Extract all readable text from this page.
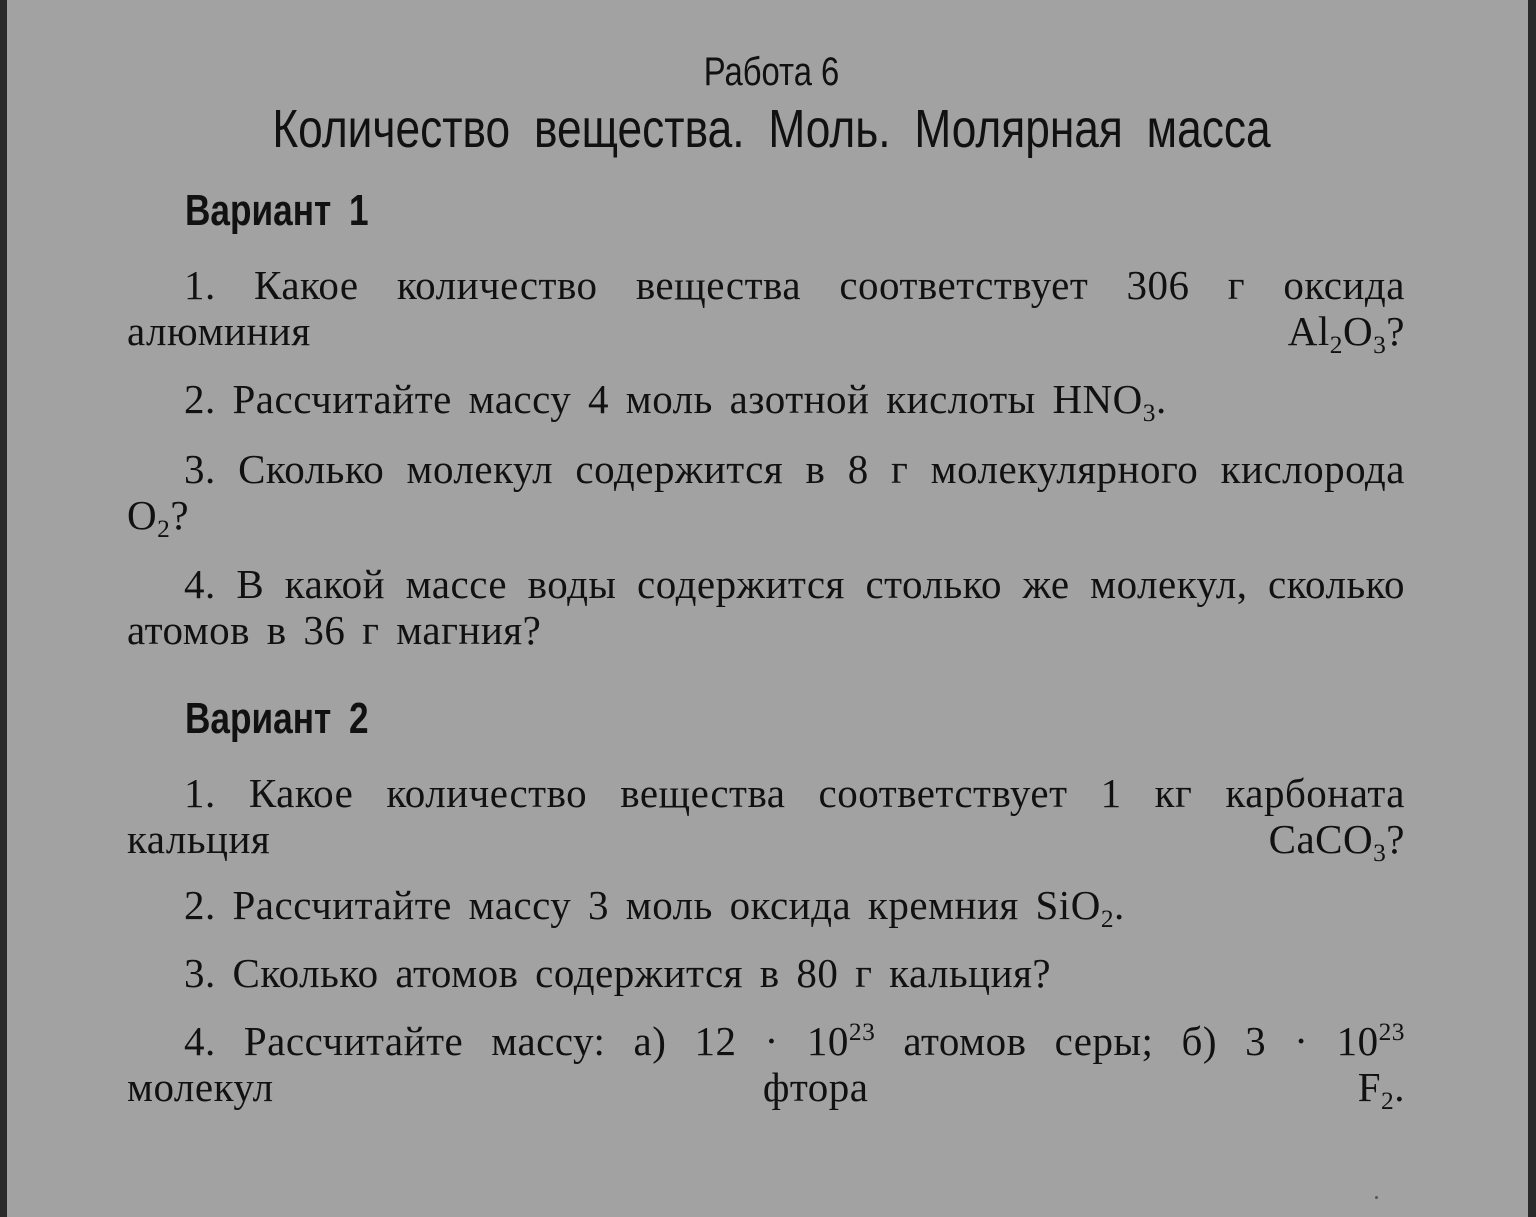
Работа 6
Количество вещества. Моль. Молярная масса
Вариант 1
1. Какое количество вещества соответствует 306 г оксида алюминия	$Al_2O_3$?
2. Рассчитайте массу 4 моль азотной кислоты $HNO_3$.
3. Сколько молекул содержится в 8 г молекулярного кислорода $O_2$?
4. В какой массе воды содержится столько же молекул, сколько атомов в 36 г магния?
Вариант 2
1. Какое количество вещества соответствует 1 кг карбоната кальция	CaCO$_3$?
2. Рассчитайте массу 3 моль оксида кремния SiO$_2$.
3. Сколько атомов содержится в 80 г кальция?
4. Рассчитайте массу: а) $12 \cdot 10^{23}$ атомов серы; б) $3 \cdot 10^{23}$ молекул фтора	$F_2$.
